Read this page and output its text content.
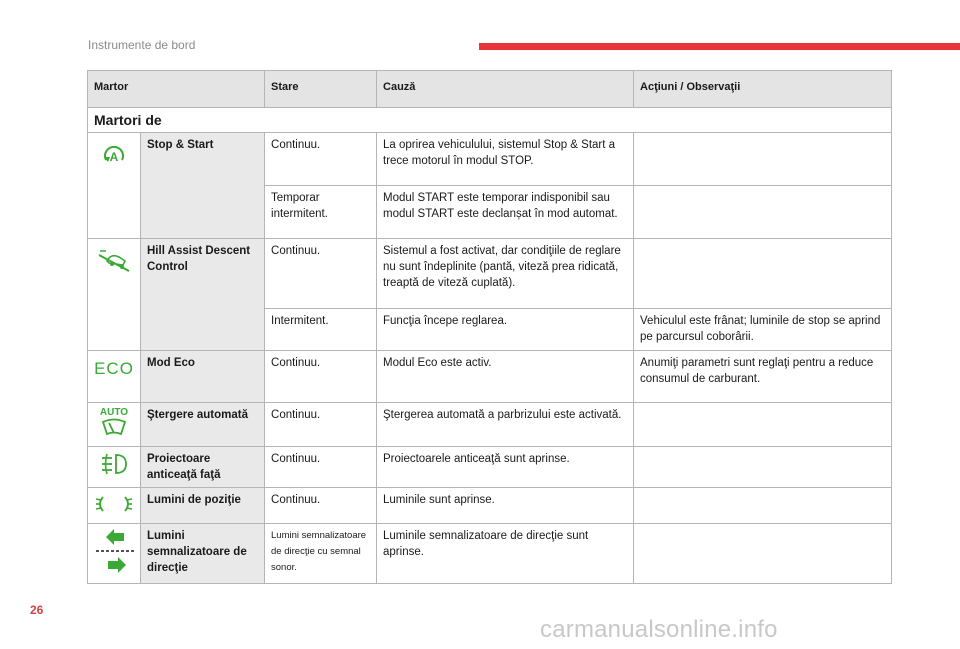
Instrumente de bord
Martor		Stare	Cauză	Acţiuni / Observaţii
Martori de				

A	Stop & Start	Continuu.	La oprirea vehiculului, sistemul Stop & Start a trece motorul în modul STOP.	
		Temporar intermitent.	Modul START este temporar indisponibil sau modul START este declanșat în mod automat.	
	Hill Assist Descent Control	Continuu.	Sistemul a fost activat, dar condiţiile de reglare nu sunt îndeplinite (pantă, viteză prea ridicată, treaptă de viteză cuplată).	
		Intermitent.	Funcţia începe reglarea.	Vehiculul este frânat; luminile de stop se aprind pe parcursul coborârii.
ECO	Mod Eco	Continuu.	Modul Eco este activ.	Anumiţi parametri sunt reglaţi pentru a reduce consumul de carburant.

AUTO	Ştergere automată	Continuu.	Ştergerea automată a parbrizului este activată.	
	Proiectoare anticeaţă faţă	Continuu.	Proiectoarele anticeaţă sunt aprinse.	
	Lumini de poziţie	Continuu.	Luminile sunt aprinse.	
	Lumini semnalizatoare de direcţie	Lumini semnalizatoare de direcţie cu semnal sonor.	Luminile semnalizatoare de direcţie sunt aprinse.	
26
carmanualsonline.info
